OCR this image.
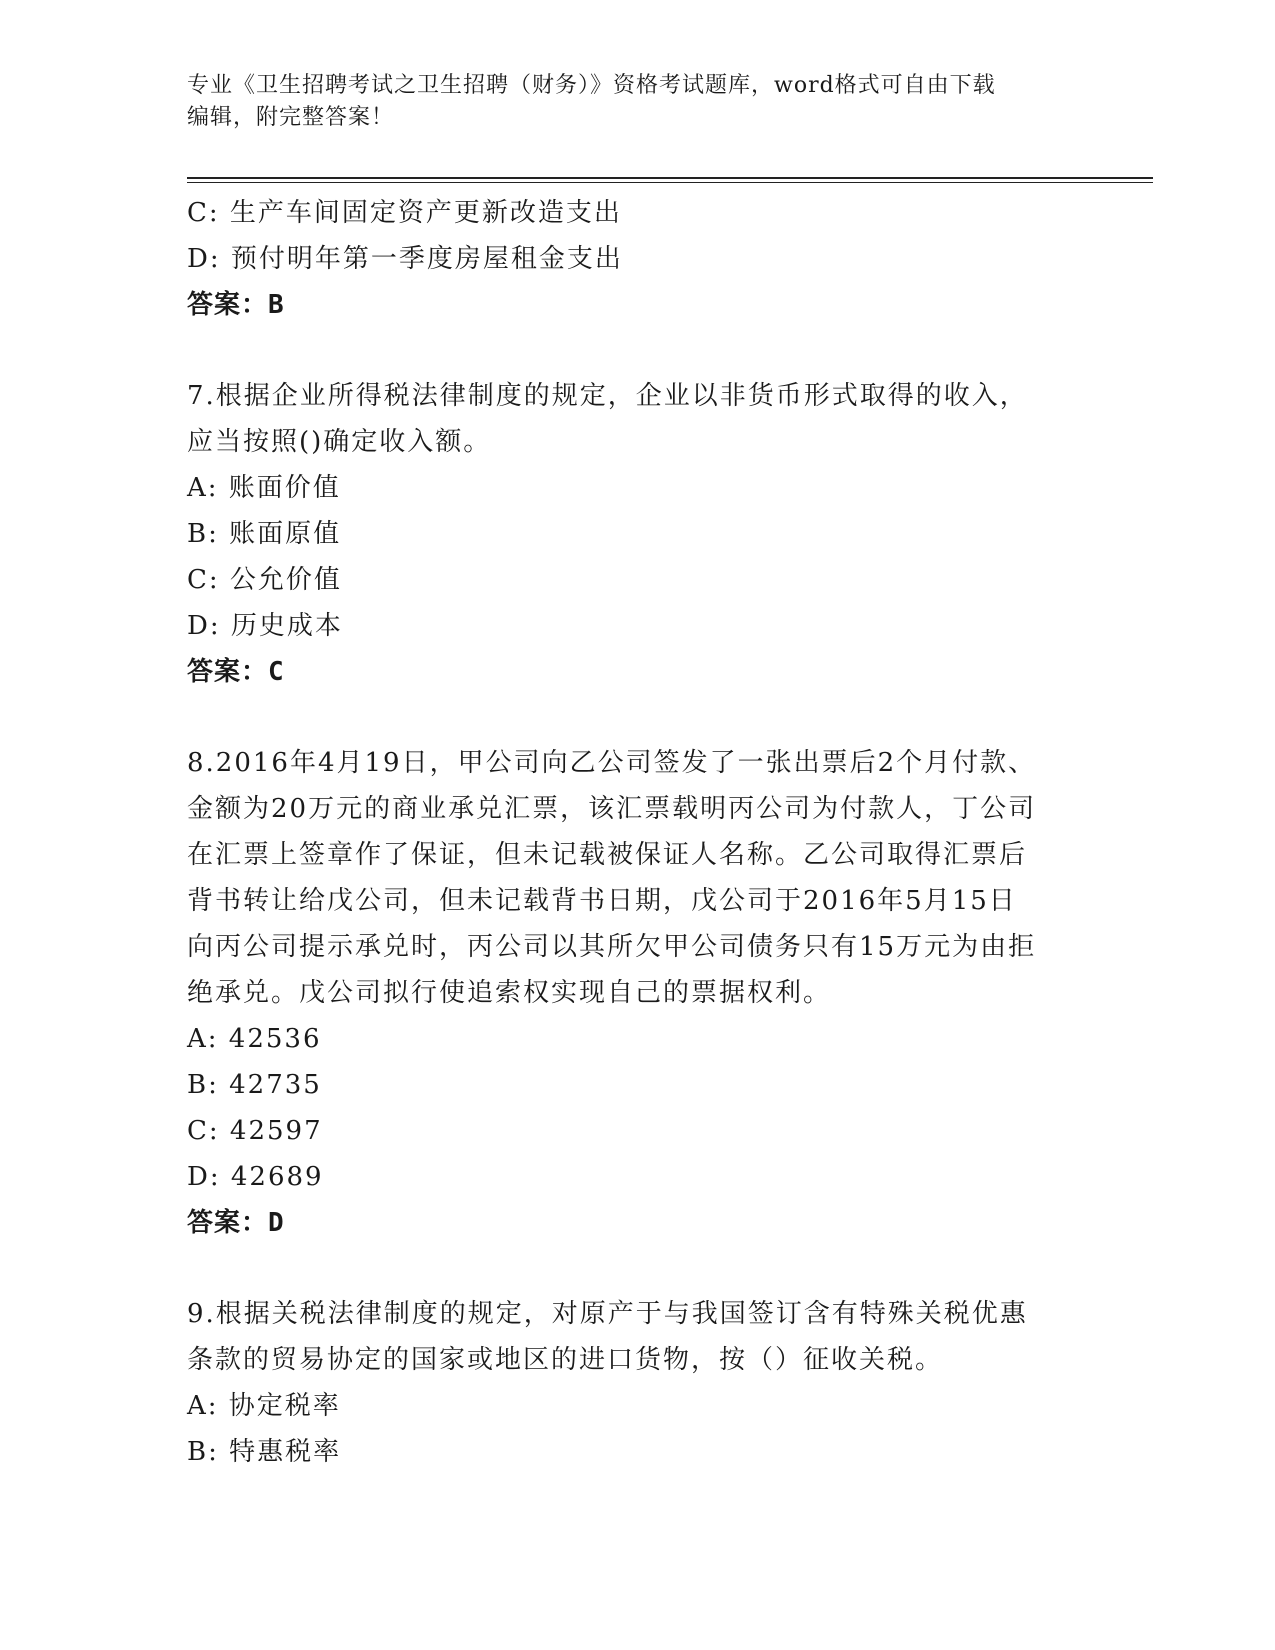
专业《卫生招聘考试之卫生招聘（财务）》资格考试题库，word格式可自由下载
编辑，附完整答案！
C: 生产车间固定资产更新改造支出
D: 预付明年第一季度房屋租金支出
答案：B
7.根据企业所得税法律制度的规定，企业以非货币形式取得的收入，
应当按照()确定收入额。
A: 账面价值
B: 账面原值
C: 公允价值
D: 历史成本
答案：C
8.2016年4月19日，甲公司向乙公司签发了一张出票后2个月付款、
金额为20万元的商业承兑汇票，该汇票载明丙公司为付款人，丁公司
在汇票上签章作了保证，但未记载被保证人名称。乙公司取得汇票后
背书转让给戊公司，但未记载背书日期，戊公司于2016年5月15日
向丙公司提示承兑时，丙公司以其所欠甲公司债务只有15万元为由拒
绝承兑。戊公司拟行使追索权实现自己的票据权利。
A: 42536
B: 42735
C: 42597
D: 42689
答案：D
9.根据关税法律制度的规定，对原产于与我国签订含有特殊关税优惠
条款的贸易协定的国家或地区的进口货物，按（）征收关税。
A: 协定税率
B: 特惠税率
